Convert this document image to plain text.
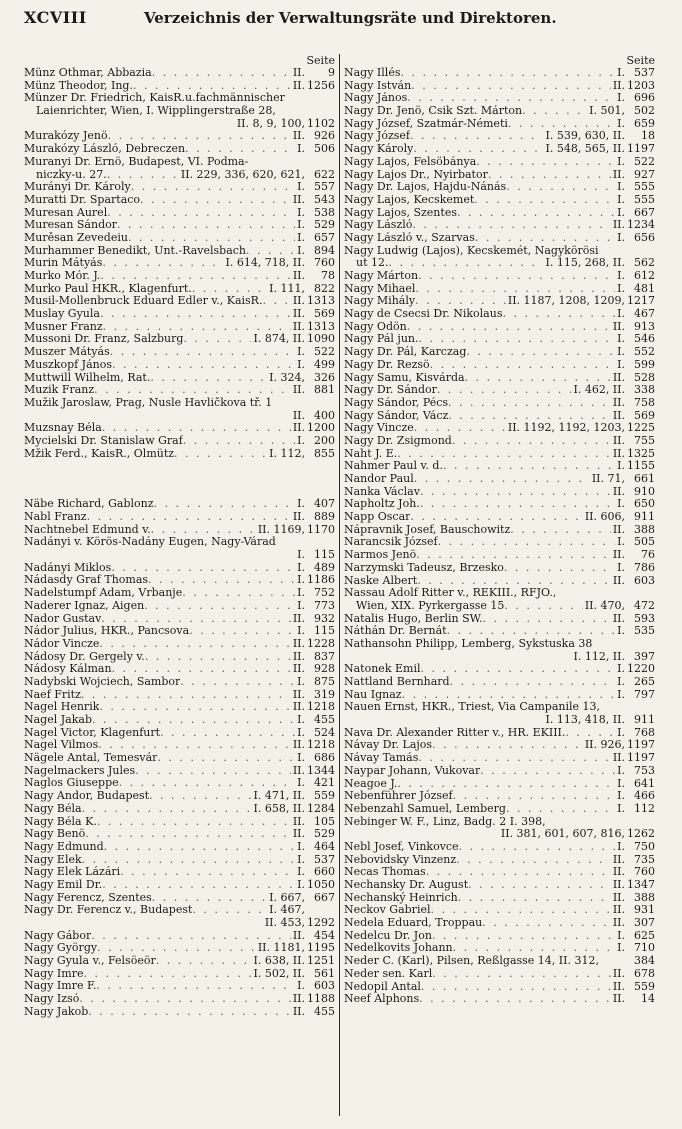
XCVIII	Verzeichnis der Verwaltungsräte und Direktoren.
Seite
Münz Othmar, Abbazia . . .	II.	9
Münz Theodor, Ing. . . .	II. 1256
Münzer Dr. Friedrich, KaisR.u.fachmännischer
Laienrichter, Wien, I. Wipplingerstraße 28,
II. 8, 9, 100, 1102
Murakózy Jenö . . .	II. 926
Murakózy László, Debreczen . . .	I. 506
Muranyi Dr. Ernö, Budapest, VI. Podma-
niczky-u. 27. . . .	II. 229, 336, 620, 621, 622
Murányi Dr. Károly . . .	I. 557
Muratti Dr. Spartaco . . .	II. 543
Muresan Aurel . . .	I. 538
Muresan Sándor . . .	I. 529
Murěsan Zevedeiu . . .	I. 657
Murhammer Benedikt, Unt.-Ravelsbach . . .	I. 894
Murin Mátyás . . .	I. 614, 718, II. 760
Murko Mór. J. . . .	II.	78
Murko Paul HKR., Klagenfurt. . . .	I. 111, 822
Musil-Mollenbruck Eduard Edler v., KaisR. . . .	II. 1313
Muslay Gyula . . .	II. 569
Musner Franz . . .	II. 1313
Mussoni Dr. Franz, Salzburg . . .	I. 874, II. 1090
Muszer Mátyás . . .	I. 522
Muszkopf János . . .	I. 499
Muttwill Wilhelm, Rat. . . .	I. 324, 326
Muzik Franz . . .	II. 881
Mužik Jaroslaw, Prag, Nusle Havličkova tř. 1
II. 400
Muzsnay Béla . . .	II. 1200
Mycielski Dr. Stanislaw Graf . . .	I. 200
Mžik Ferd., KaisR., Olmütz . . .	I. 112, 855
Näbe Richard, Gablonz . . .	I. 407
Nabl Franz . . .	II. 889
Nachtnebel Edmund v. . . .	II. 1169, 1170
Nadányi v. Körös-Nadány Eugen, Nagy-Várad
I. 115
Nadányi Miklos . . .	I. 489
Nádasdy Graf Thomas . . .	I. 1186
Nadelstumpf Adam, Vrbanje . . .	I. 752
Naderer Ignaz, Aigen . . .	I. 773
Nador Gustav . . .	II. 932
Nádor Julius, HKR., Pancsova . . .	I. 115
Nádor Vincze . . .	II. 1228
Nádosy Dr. Gergely v. . . .	II. 837
Nádosy Kálman . . .	II. 928
Nadybski Wojciech, Sambor . . .	I. 875
Naef Fritz . . .	II. 319
Nagel Henrik . . .	II. 1218
Nagel Jakab . . .	I. 455
Nagel Victor, Klagenfurt . . .	I. 524
Nagel Vilmos . . .	II. 1218
Nägele Antal, Temesvár . . .	I. 686
Nagelmackers Jules . . .	II. 1344
Naglos Giuseppe . . .	I. 421
Nagy Andor, Budapest . . .	I. 471, II. 559
Nagy Béla . . .	I. 658, II. 1284
Nagy Béla K. . . .	II. 105
Nagy Benö . . .	II. 529
Nagy Edmund . . .	I. 464
Nagy Elek . . .	I. 537
Nagy Elek Lázári . . .	I. 660
Nagy Emil Dr. . . .	I. 1050
Nagy Ferencz, Szentes . . .	I. 667, 667
Nagy Dr. Ferencz v., Budapest . . .	I. 467,
II. 453, 1292
Nagy Gábor . . .	II. 454
Nagy György . . .	II. 1181, 1195
Nagy Gyula v., Felsöeör . . .	I. 638, II. 1251
Nagy Imre . . .	I. 502, II. 561
Nagy Imre F. . . .	I. 603
Nagy Izsó . . .	II. 1188
Nagy Jakob . . .	II. 455
Seite
Nagy Illés . . .	I. 537
Nagy István . . .	II. 1203
Nagy János . . .	I. 696
Nagy Dr. Jenö, Csik Szt. Márton . . .	I. 501, 502
Nagy József, Szatmár-Németi . . .	I. 659
Nagy József . . .	I. 539, 630, II.	18
Nagy Károly . . .	I. 548, 565, II. 1197
Nagy Lajos, Felsöbánya . . .	I. 522
Nagy Lajos Dr., Nyirbator . . .	II. 927
Nagy Dr. Lajos, Hajdu-Nánás . . .	I. 555
Nagy Lajos, Kecskemet . . .	I. 555
Nagy Lajos, Szentes . . .	I. 667
Nagy László . . .	II. 1234
Nagy László v., Szarvas . . .	I. 656
Nagy Ludwig (Lajos), Kecskemét, Nagykörösi
ut 12. . . .	I. 115, 268, II. 562
Nagy Márton . . .	I. 612
Nagy Mihael . . .	I. 481
Nagy Mihály . . .	II. 1187, 1208, 1209, 1217
Nagy de Csecsi Dr. Nikolaus . . .	I. 467
Nagy Ödön . . .	II. 913
Nagy Pál jun. . . .	I. 546
Nagy Dr. Pál, Karczag . . .	I. 552
Nagy Dr. Rezsö . . .	I. 599
Nagy Samu, Kisvárda . . .	II. 528
Nagy Dr. Sándor . . .	I. 462, II. 338
Nagy Sándor, Pécs . . .	II. 758
Nagy Sándor, Vácz . . .	II. 569
Nagy Vincze . . .	II. 1192, 1192, 1203, 1225
Nagy Dr. Zsigmond . . .	II. 755
Naht J. E. . . .	II. 1325
Nahmer Paul v. d. . . .	I. 1155
Nandor Paul . . .	II. 71, 661
Nanka Václav . . .	II. 910
Napholtz Joh. . . .	I. 650
Napp Oscar . . .	II. 606, 911
Nápravnik Josef, Bauschowitz . . .	II. 388
Narancsik József . . .	I. 505
Narmos Jenö . . .	II.	76
Narzymski Tadeusz, Brzesko . . .	I. 786
Naske Albert . . .	II. 603
Nassau Adolf Ritter v., REKIII., RFJO.,
Wien, XIX. Pyrkergasse 15 . . .	II. 470, 472
Natalis Hugo, Berlin SW. . . .	II. 593
Náthán Dr. Bernát . . .	I. 535
Nathansohn Philipp, Lemberg, Sykstuska 38
I. 112, II. 397
Natonek Emil . . .	I. 1220
Nattland Bernhard . . .	I. 265
Nau Ignaz . . .	I. 797
Nauen Ernst, HKR., Triest, Via Campanile 13,
I. 113, 418, II. 911
Nava Dr. Alexander Ritter v., HR. EKIII. . . .	I. 768
Návay Dr. Lajos . . .	II. 926, 1197
Návay Tamás . . .	II. 1197
Naypar Johann, Vukovar . . .	I. 753
Neagoe J. . . .	I. 641
Nebenführer József . . .	I. 466
Nebenzahl Samuel, Lemberg . . .	I. 112
Nebinger W. F., Linz, Badg. 2 I. 398,
II. 381, 601, 607, 816, 1262
Nebl Josef, Vinkovce . . .	I. 750
Nebovidsky Vinzenz . . .	II. 735
Necas Thomas . . .	II. 760
Nechansky Dr. August . . .	II. 1347
Nechanský Heinrich . . .	II. 388
Neckov Gabriel . . .	II. 931
Nedela Eduard, Troppau . . .	II. 307
Nedelcu Dr. Jon . . .	I. 625
Nedelkovits Johann . . .	I. 710
Neder C. (Karl), Pilsen, Reßlgasse 14, II. 312,	384
Neder sen. Karl . . .	II. 678
Nedopil Antal . . .	II. 559
Neef Alphons . . .	II.	14
